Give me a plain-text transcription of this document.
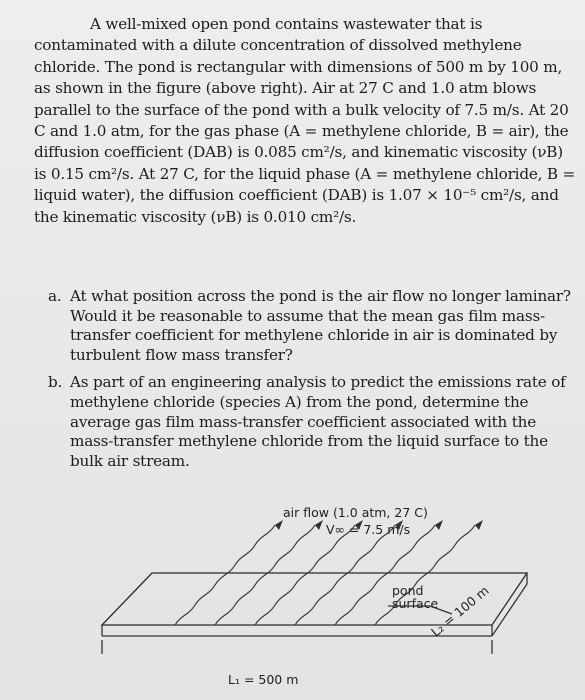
A well-mixed open pond contains wastewater that is contaminated with a dilute concentration of dissolved methylene chloride. The pond is rectangular with dimensions of 500 m by 100 m, as shown in the figure (above right). Air at 27 C and 1.0 atm blows parallel to the surface of the pond with a bulk velocity of 7.5 m/s. At 20 C and 1.0 atm, for the gas phase (A = methylene chloride, B = air), the diffusion coefficient (DAB) is 0.085 cm²/s, and kinematic viscosity (νB) is 0.15 cm²/s. At 27 C, for the liquid phase (A = methylene chloride, B = liquid water), the diffusion coefficient (DAB) is 1.07 × 10⁻⁵ cm²/s, and the kinematic viscosity (νB) is 0.010 cm²/s.

a. At what position across the pond is the air flow no longer laminar? Would it be reasonable to assume that the mean gas film mass-transfer coefficient for methylene chloride in air is dominated by turbulent flow mass transfer?
b. As part of an engineering analysis to predict the emissions rate of methylene chloride (species A) from the pond, determine the average gas film mass-transfer coefficient associated with the mass-transfer methylene chloride from the liquid surface to the bulk air stream.
air flow (1.0 atm, 27 C)
V∞ = 7.5 m/s
pond
surface
L₁ = 500 m
L₂ = 100 m
